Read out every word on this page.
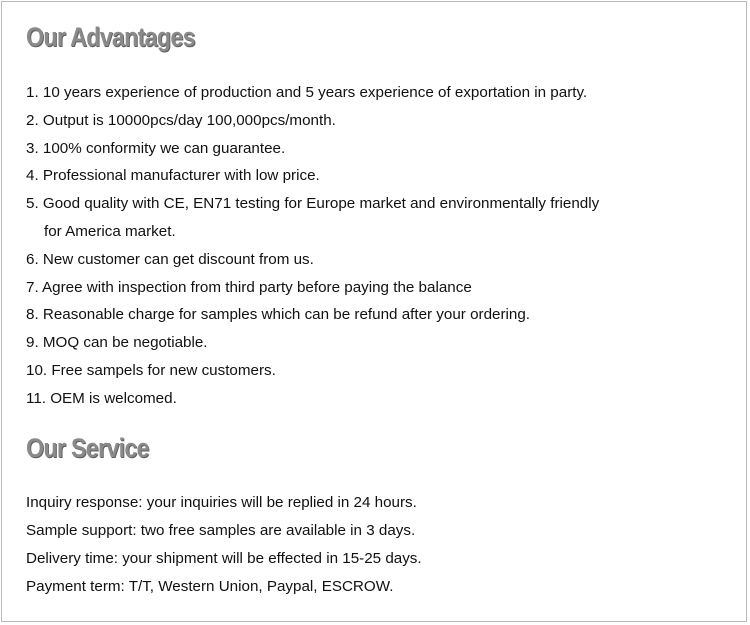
Our Advantages
1. 10 years experience of production and 5 years experience of exportation in party.
2. Output is 10000pcs/day 100,000pcs/month.
3. 100% conformity we can guarantee.
4. Professional manufacturer with low price.
5. Good quality with CE, EN71 testing for Europe market and environmentally friendly
for America market.
6. New customer can get discount from us.
7. Agree with inspection from third party before paying the balance
8. Reasonable charge for samples which can be refund after your ordering.
9. MOQ can be negotiable.
10. Free sampels for new customers.
11. OEM is welcomed.
Our Service
Inquiry response: your inquiries will be replied in 24 hours.
Sample support: two free samples are available in 3 days.
Delivery time: your shipment will be effected in 15-25 days.
Payment term: T/T, Western Union, Paypal, ESCROW.
